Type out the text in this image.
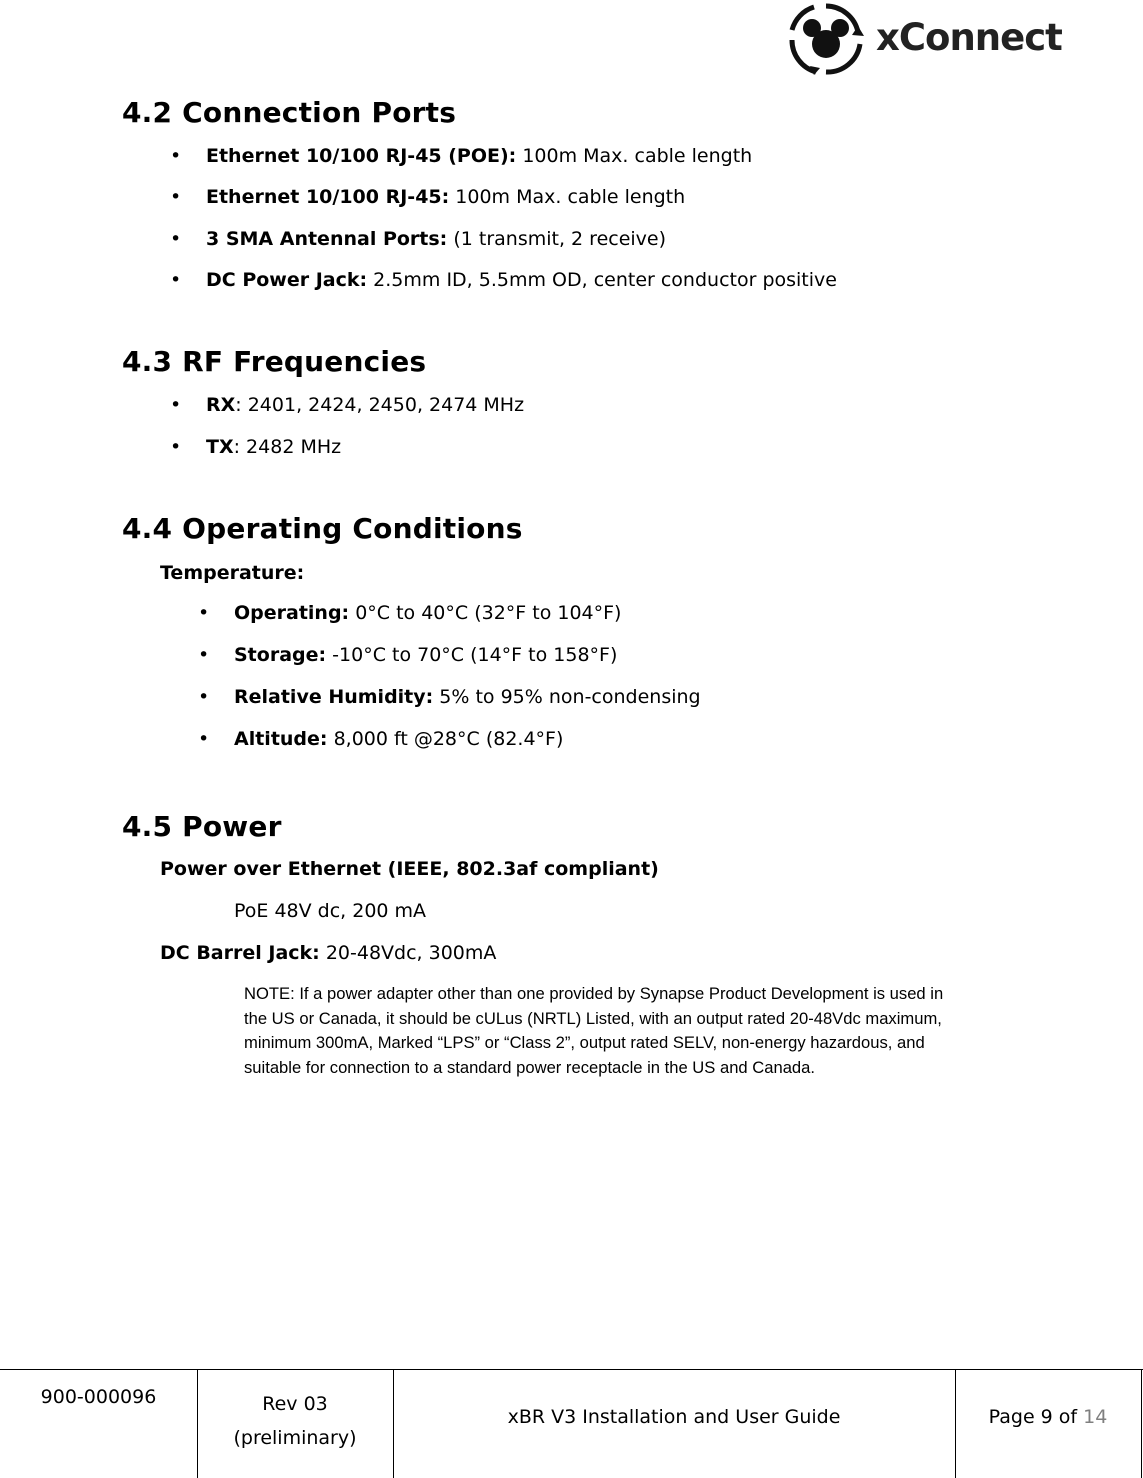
xConnect
4.2 Connection Ports
• Ethernet 10/100 RJ-45 (POE): 100m Max. cable length
• Ethernet 10/100 RJ-45: 100m Max. cable length
• 3 SMA Antennal Ports: (1 transmit, 2 receive)
• DC Power Jack: 2.5mm ID, 5.5mm OD, center conductor positive
4.3 RF Frequencies
• RX: 2401, 2424, 2450, 2474 MHz
• TX: 2482 MHz
4.4 Operating Conditions
Temperature:
• Operating: 0°C to 40°C (32°F to 104°F)
• Storage: -10°C to 70°C (14°F to 158°F)
• Relative Humidity: 5% to 95% non-condensing
• Altitude: 8,000 ft @28°C (82.4°F)
4.5 Power
Power over Ethernet (IEEE, 802.3af compliant)
PoE 48V dc, 200 mA
DC Barrel Jack: 20-48Vdc, 300mA
NOTE: If a power adapter other than one provided by Synapse Product Development is used in
the US or Canada, it should be cULus (NRTL) Listed, with an output rated 20-48Vdc maximum,
minimum 300mA, Marked “LPS” or “Class 2”, output rated SELV, non-energy hazardous, and
suitable for connection to a standard power receptacle in the US and Canada.
900-000096	Rev 03
(preliminary)
xBR V3 Installation and User Guide	Page 9 of 14
